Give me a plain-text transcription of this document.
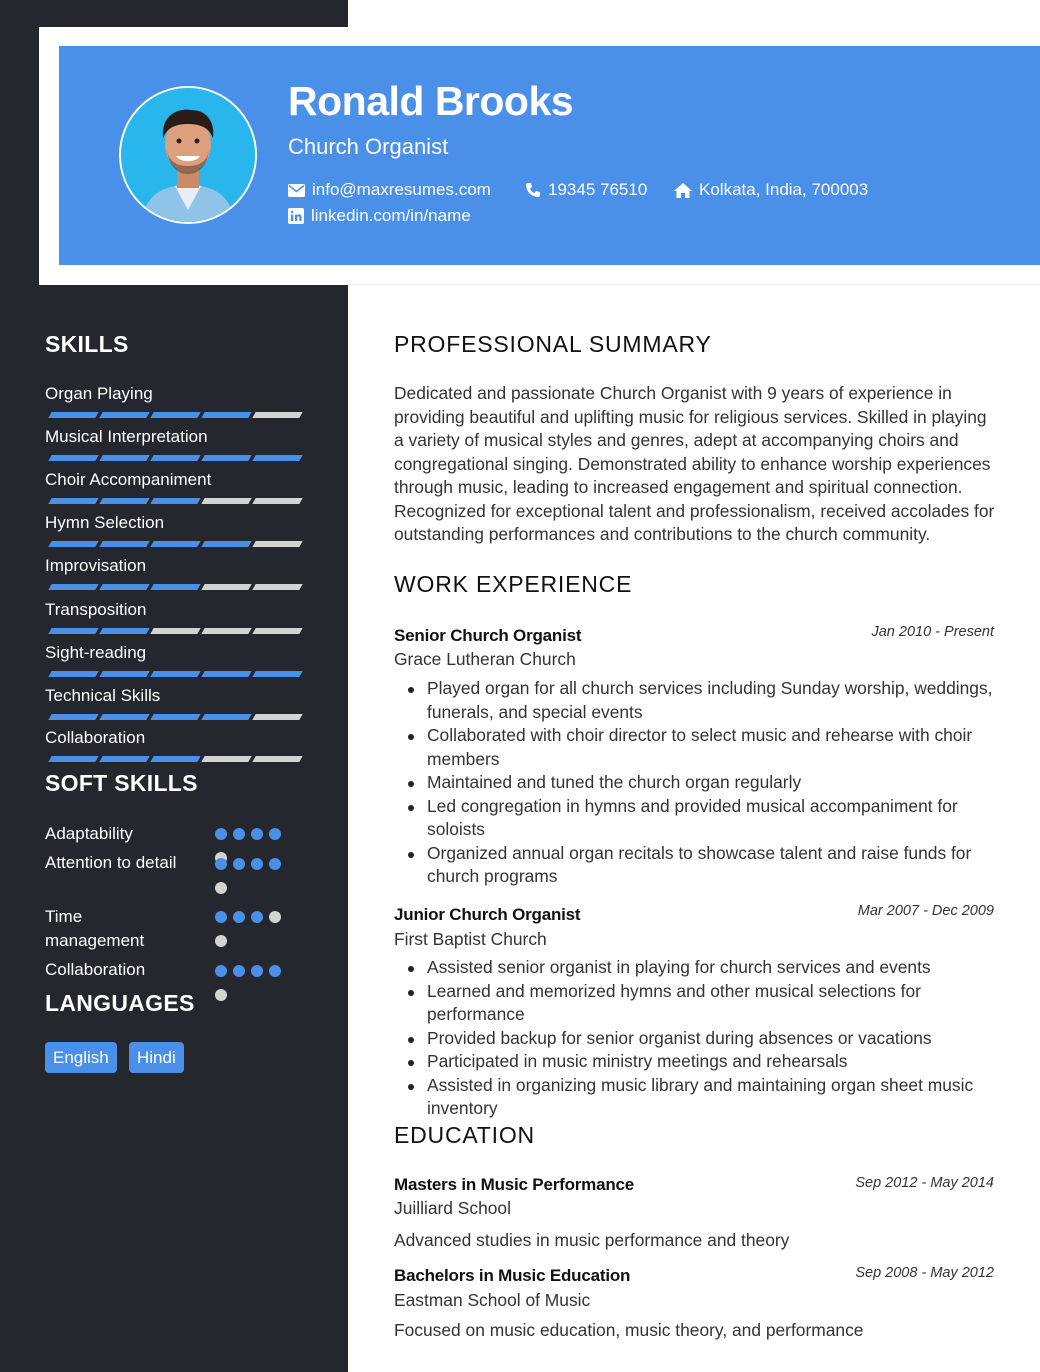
Ronald Brooks
Church Organist
info@maxresumes.com	19345 76510	Kolkata, India, 700003
linkedin.com/in/name
SKILLS
Organ Playing
Musical Interpretation
Choir Accompaniment
Hymn Selection
Improvisation
Transposition
Sight-reading
Technical Skills
Collaboration
SOFT SKILLS
Adaptability
Attention to detail
Time management
Collaboration
LANGUAGES
English	Hindi
PROFESSIONAL SUMMARY
Dedicated and passionate Church Organist with 9 years of experience in providing beautiful and uplifting music for religious services. Skilled in playing a variety of musical styles and genres, adept at accompanying choirs and congregational singing. Demonstrated ability to enhance worship experiences through music, leading to increased engagement and spiritual connection. Recognized for exceptional talent and professionalism, received accolades for outstanding performances and contributions to the church community.
WORK EXPERIENCE
Senior Church Organist	Jan 2010 - Present
Grace Lutheran Church
Played organ for all church services including Sunday worship, weddings, funerals, and special events
Collaborated with choir director to select music and rehearse with choir members
Maintained and tuned the church organ regularly
Led congregation in hymns and provided musical accompaniment for soloists
Organized annual organ recitals to showcase talent and raise funds for church programs
Junior Church Organist	Mar 2007 - Dec 2009
First Baptist Church
Assisted senior organist in playing for church services and events
Learned and memorized hymns and other musical selections for performance
Provided backup for senior organist during absences or vacations
Participated in music ministry meetings and rehearsals
Assisted in organizing music library and maintaining organ sheet music inventory
EDUCATION
Masters in Music Performance	Sep 2012 - May 2014
Juilliard School
Advanced studies in music performance and theory
Bachelors in Music Education	Sep 2008 - May 2012
Eastman School of Music
Focused on music education, music theory, and performance
